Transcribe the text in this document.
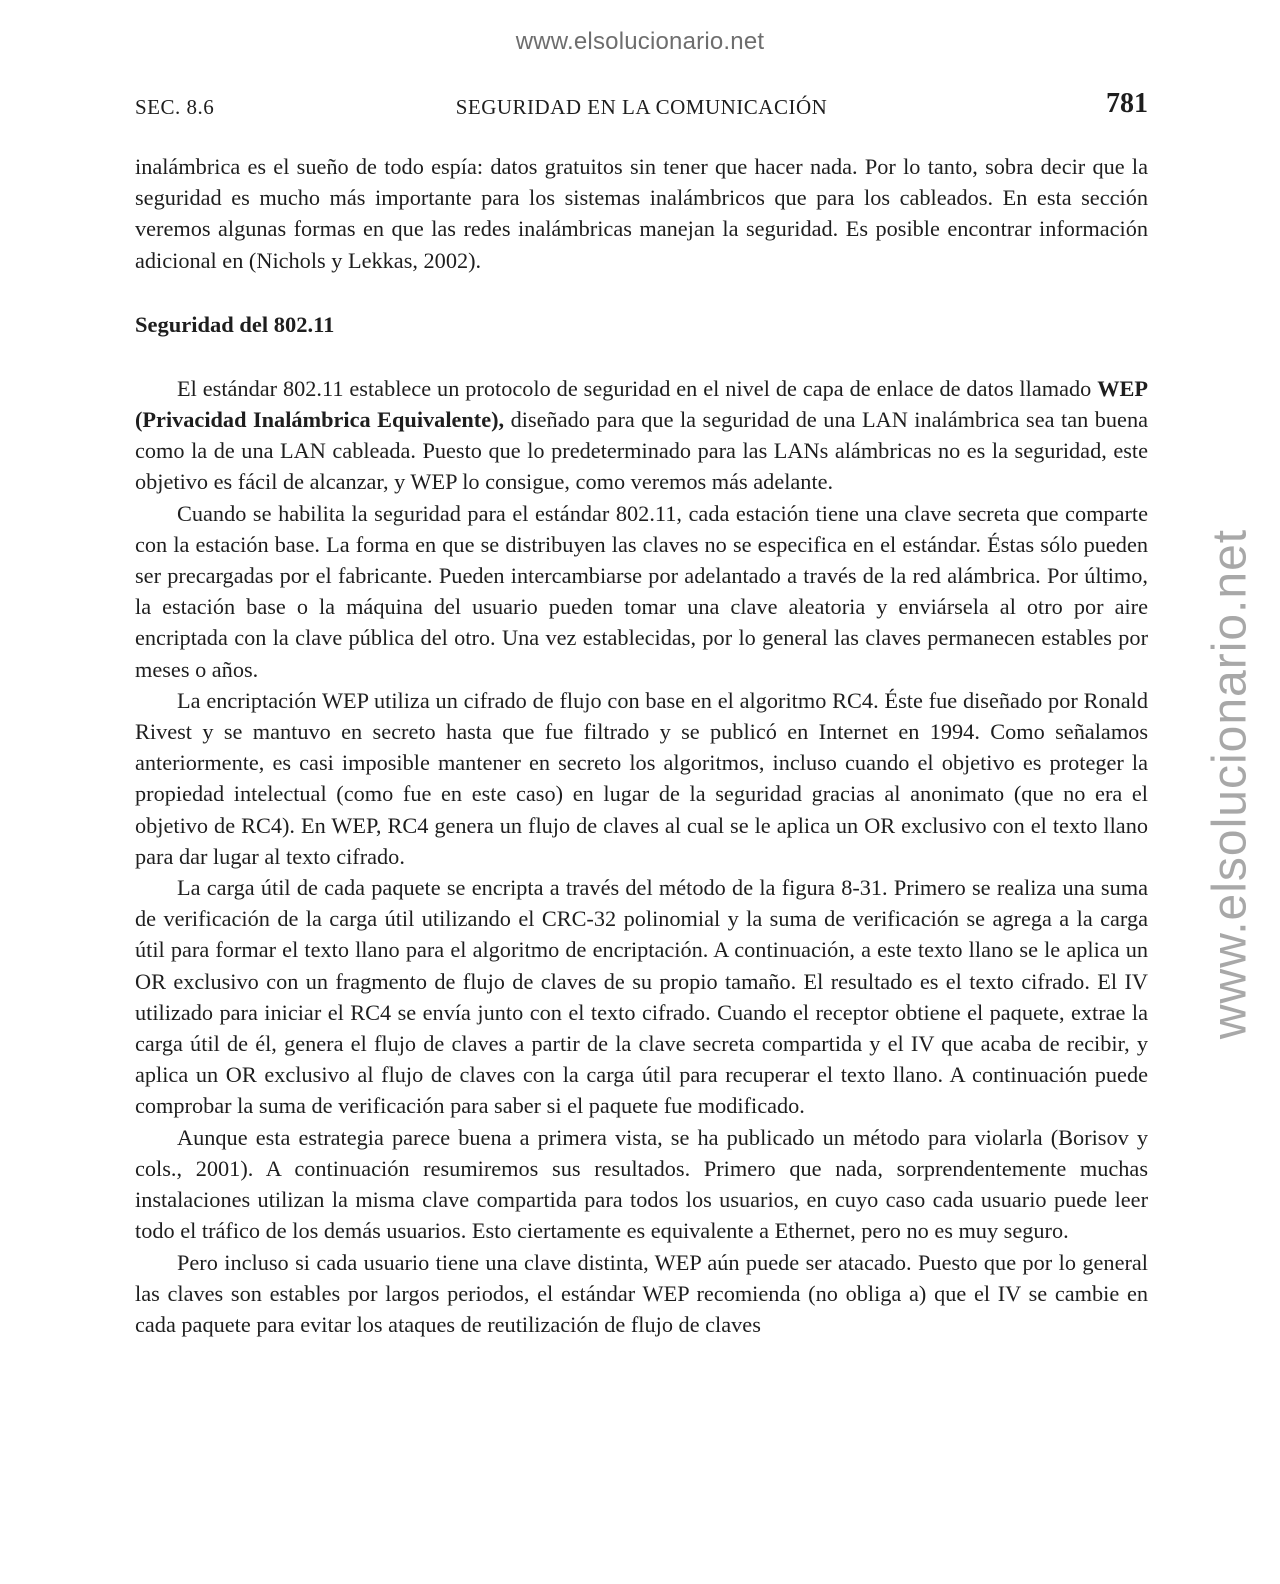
www.elsolucionario.net
www.elsolucionario.net
SEC. 8.6	SEGURIDAD EN LA COMUNICACIÓN	781

inalámbrica es el sueño de todo espía: datos gratuitos sin tener que hacer nada. Por lo tanto, sobra decir que la seguridad es mucho más importante para los sistemas inalámbricos que para los cableados. En esta sección veremos algunas formas en que las redes inalámbricas manejan la seguridad. Es posible encontrar información adicional en (Nichols y Lekkas, 2002).

Seguridad del 802.11

El estándar 802.11 establece un protocolo de seguridad en el nivel de capa de enlace de datos llamado WEP (Privacidad Inalámbrica Equivalente), diseñado para que la seguridad de una LAN inalámbrica sea tan buena como la de una LAN cableada. Puesto que lo predeterminado para las LANs alámbricas no es la seguridad, este objetivo es fácil de alcanzar, y WEP lo consigue, como veremos más adelante.

Cuando se habilita la seguridad para el estándar 802.11, cada estación tiene una clave secreta que comparte con la estación base. La forma en que se distribuyen las claves no se especifica en el estándar. Éstas sólo pueden ser precargadas por el fabricante. Pueden intercambiarse por adelantado a través de la red alámbrica. Por último, la estación base o la máquina del usuario pueden tomar una clave aleatoria y enviársela al otro por aire encriptada con la clave pública del otro. Una vez establecidas, por lo general las claves permanecen estables por meses o años.

La encriptación WEP utiliza un cifrado de flujo con base en el algoritmo RC4. Éste fue diseñado por Ronald Rivest y se mantuvo en secreto hasta que fue filtrado y se publicó en Internet en 1994. Como señalamos anteriormente, es casi imposible mantener en secreto los algoritmos, incluso cuando el objetivo es proteger la propiedad intelectual (como fue en este caso) en lugar de la seguridad gracias al anonimato (que no era el objetivo de RC4). En WEP, RC4 genera un flujo de claves al cual se le aplica un OR exclusivo con el texto llano para dar lugar al texto cifrado.

La carga útil de cada paquete se encripta a través del método de la figura 8-31. Primero se realiza una suma de verificación de la carga útil utilizando el CRC-32 polinomial y la suma de verificación se agrega a la carga útil para formar el texto llano para el algoritmo de encriptación. A continuación, a este texto llano se le aplica un OR exclusivo con un fragmento de flujo de claves de su propio tamaño. El resultado es el texto cifrado. El IV utilizado para iniciar el RC4 se envía junto con el texto cifrado. Cuando el receptor obtiene el paquete, extrae la carga útil de él, genera el flujo de claves a partir de la clave secreta compartida y el IV que acaba de recibir, y aplica un OR exclusivo al flujo de claves con la carga útil para recuperar el texto llano. A continuación puede comprobar la suma de verificación para saber si el paquete fue modificado.

Aunque esta estrategia parece buena a primera vista, se ha publicado un método para violarla (Borisov y cols., 2001). A continuación resumiremos sus resultados. Primero que nada, sorprendentemente muchas instalaciones utilizan la misma clave compartida para todos los usuarios, en cuyo caso cada usuario puede leer todo el tráfico de los demás usuarios. Esto ciertamente es equivalente a Ethernet, pero no es muy seguro.

Pero incluso si cada usuario tiene una clave distinta, WEP aún puede ser atacado. Puesto que por lo general las claves son estables por largos periodos, el estándar WEP recomienda (no obliga a) que el IV se cambie en cada paquete para evitar los ataques de reutilización de flujo de claves
